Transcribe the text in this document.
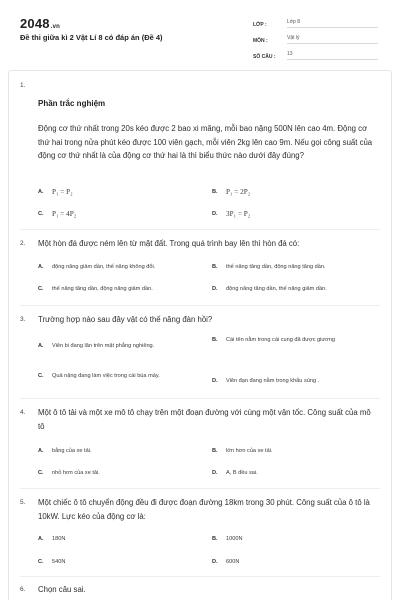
2048.vn
Đề thi giữa kì 2 Vật Lí 8 có đáp án (Đề 4)
LỚP :	Lớp 8
MÔN :	Vật lý
SỐ CÂU :	13
1.
Phần trắc nghiệm
Động cơ thứ nhất trong 20s kéo được 2 bao xi măng, mỗi bao nặng 500N lên cao 4m. Động cơ thứ hai trong nửa phút kéo được 100 viên gạch, mỗi viên 2kg lên cao 9m. Nếu gọi công suất của động cơ thứ nhất là của động cơ thứ hai là thì biểu thức nào dưới đây đúng?
A.	P₁ = P₂	B.	P₁ = 2P₂
C.	P₁ = 4P₂	D.	3P₁ = P₂
2. Một hòn đá được ném lên từ mặt đất. Trong quá trình bay lên thì hòn đá có:
A.	động năng giảm dần, thế năng không đổi.	B.	thế năng tăng dần, động năng tăng dần.
C.	thế năng tăng dần, động năng giảm dần.	D.	động năng tăng dần, thế năng giảm dần.
3. Trường hợp nào sau đây vật có thế năng đàn hồi?
A.	Viên bi đang lăn trên mặt phẳng nghiêng.
B.	Cái tên nằm trong cái cung đã được giương
C.	Quả nặng đang làm việc trong cái búa máy.
D.	Viên đạn đang nằm trong khẩu súng .
4. Một ô tô tải và một xe mô tô chạy trên một đoạn đường với cùng một vận tốc. Công suất của mô tô
A.	bằng của xe tải.	B.	lớn hơn của xe tải.
C.	nhỏ hơn của xe tải.	D.	A, B đều sai.
5. Một chiếc ô tô chuyển động đều đi được đoạn đường 18km trong 30 phút. Công suất của ô tô là 10kW. Lực kéo của động cơ là:
A.	180N	B.	1000N
C.	540N	D.	600N
6. Chọn câu sai.
